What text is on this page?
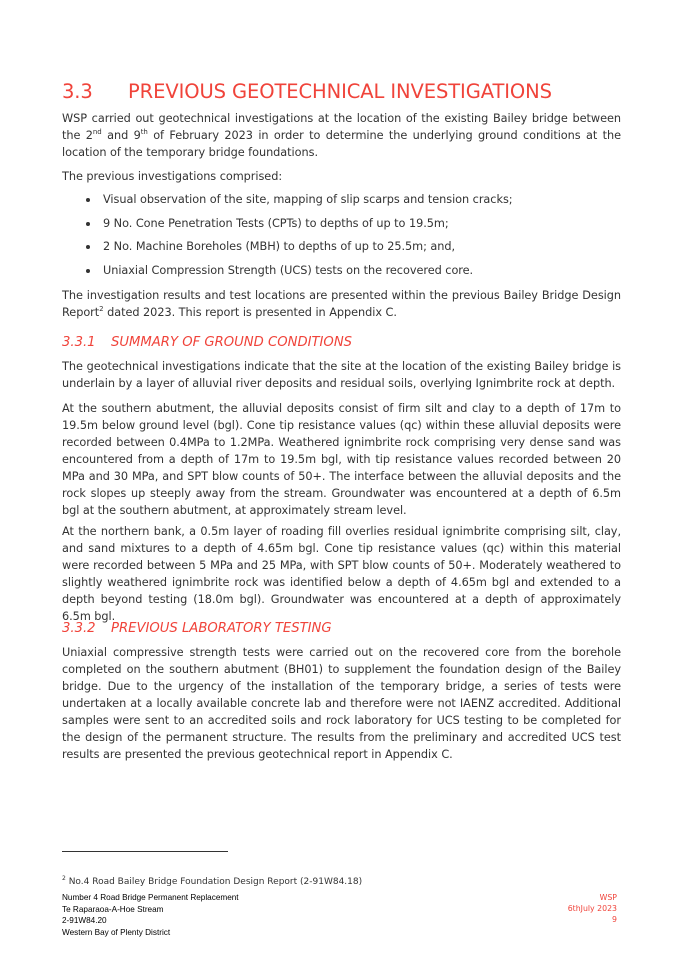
3.3 PREVIOUS GEOTECHNICAL INVESTIGATIONS

WSP carried out geotechnical investigations at the location of the existing Bailey bridge between the 2nd and 9th of February 2023 in order to determine the underlying ground conditions at the location of the temporary bridge foundations.

The previous investigations comprised:

Visual observation of the site, mapping of slip scarps and tension cracks;
9 No. Cone Penetration Tests (CPTs) to depths of up to 19.5m;
2 No. Machine Boreholes (MBH) to depths of up to 25.5m; and,
Uniaxial Compression Strength (UCS) tests on the recovered core.

The investigation results and test locations are presented within the previous Bailey Bridge Design Report$^2$ dated 2023. This report is presented in Appendix C.

3.3.1 SUMMARY OF GROUND CONDITIONS

The geotechnical investigations indicate that the site at the location of the existing Bailey bridge is underlain by a layer of alluvial river deposits and residual soils, overlying Ignimbrite rock at depth.

At the southern abutment, the alluvial deposits consist of firm silt and clay to a depth of 17m to 19.5m below ground level (bgl). Cone tip resistance values (qc) within these alluvial deposits were recorded between 0.4MPa to 1.2MPa. Weathered ignimbrite rock comprising very dense sand was encountered from a depth of 17m to 19.5m bgl, with tip resistance values recorded between 20 MPa and 30 MPa, and SPT blow counts of 50+. The interface between the alluvial deposits and the rock slopes up steeply away from the stream. Groundwater was encountered at a depth of 6.5m bgl at the southern abutment, at approximately stream level.

At the northern bank, a 0.5m layer of roading fill overlies residual ignimbrite comprising silt, clay, and sand mixtures to a depth of 4.65m bgl. Cone tip resistance values (qc) within this material were recorded between 5 MPa and 25 MPa, with SPT blow counts of 50+. Moderately weathered to slightly weathered ignimbrite rock was identified below a depth of 4.65m bgl and extended to a depth beyond testing (18.0m bgl). Groundwater was encountered at a depth of approximately 6.5m bgl.

3.3.2 PREVIOUS LABORATORY TESTING

Uniaxial compressive strength tests were carried out on the recovered core from the borehole completed on the southern abutment (BH01) to supplement the foundation design of the Bailey bridge. Due to the urgency of the installation of the temporary bridge, a series of tests were undertaken at a locally available concrete lab and therefore were not IAENZ accredited. Additional samples were sent to an accredited soils and rock laboratory for UCS testing to be completed for the design of the permanent structure. The results from the preliminary and accredited UCS test results are presented the previous geotechnical report in Appendix C.

$^2$ No.4 Road Bailey Bridge Foundation Design Report (2-91W84.18)

Number 4 Road Bridge Permanent Replacement
Te Raparaoa-A-Hoe Stream
2-91W84.20
Western Bay of Plenty District
WSP
6thJuly 2023
9
